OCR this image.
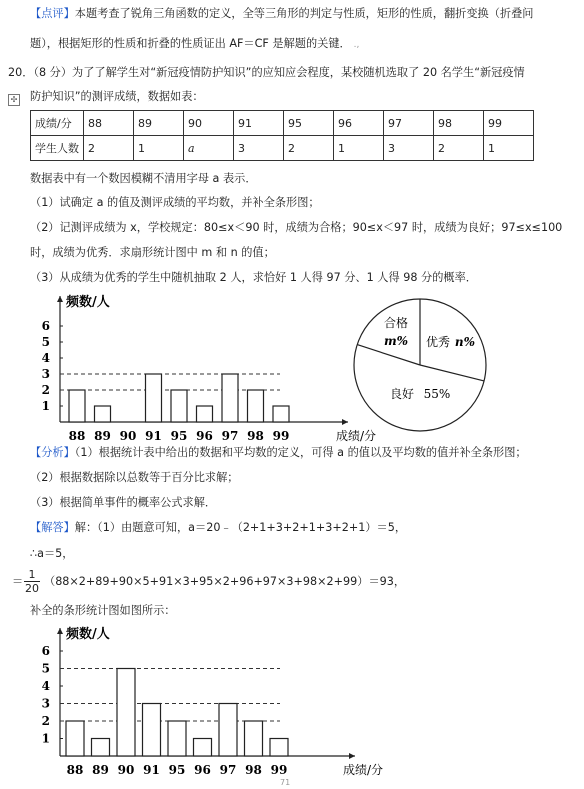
【点评】本题考查了锐角三角函数的定义，全等三角形的判定与性质，矩形的性质，翻折变换（折叠问
题），根据矩形的性质和折叠的性质证出 AF＝CF 是解题的关键． .,
20．（8 分）为了了解学生对“新冠疫情防护知识”的应知应会程度，某校随机选取了 20 名学生“新冠疫情
✣ 防护知识”的测评成绩，数据如表：
成绩/分	88	89	90	91	95	96	97	98	99
学生人数	2	1	a	3	2	1	3	2	1
数据表中有一个数因模糊不清用字母 a 表示．
（1）试确定 a 的值及测评成绩的平均数，并补全条形图；
（2）记测评成绩为 x，学校规定：80≤x＜90 时，成绩为合格；90≤x＜97 时，成绩为良好；97≤x≤100
时，成绩为优秀．求扇形统计图中 m 和 n 的值；
（3）从成绩为优秀的学生中随机抽取 2 人，求恰好 1 人得 97 分、1 人得 98 分的概率．
频数/人
成绩/分
1
2
3
4
5
6
88 89 90 91 95 96 97 98 99
合格
m% 优秀 n%
良好 55%
【分析】（1）根据统计表中给出的数据和平均数的定义，可得 a 的值以及平均数的值并补全条形图；
（2）根据数据除以总数等于百分比求解；
（3）根据简单事件的概率公式求解．
【解答】解：（1）由题意可知，a＝20﹣（2+1+3+2+1+3+2+1）＝5，
∴a＝5，
＝
1
20
（88×2+89+90×5+91×3+95×2+96+97×3+98×2+99）＝93，
补全的条形统计图如图所示：
频数/人
成绩/分
1
2
3
4
5
6
88 89 90 91 95 96 97 98 99
71
